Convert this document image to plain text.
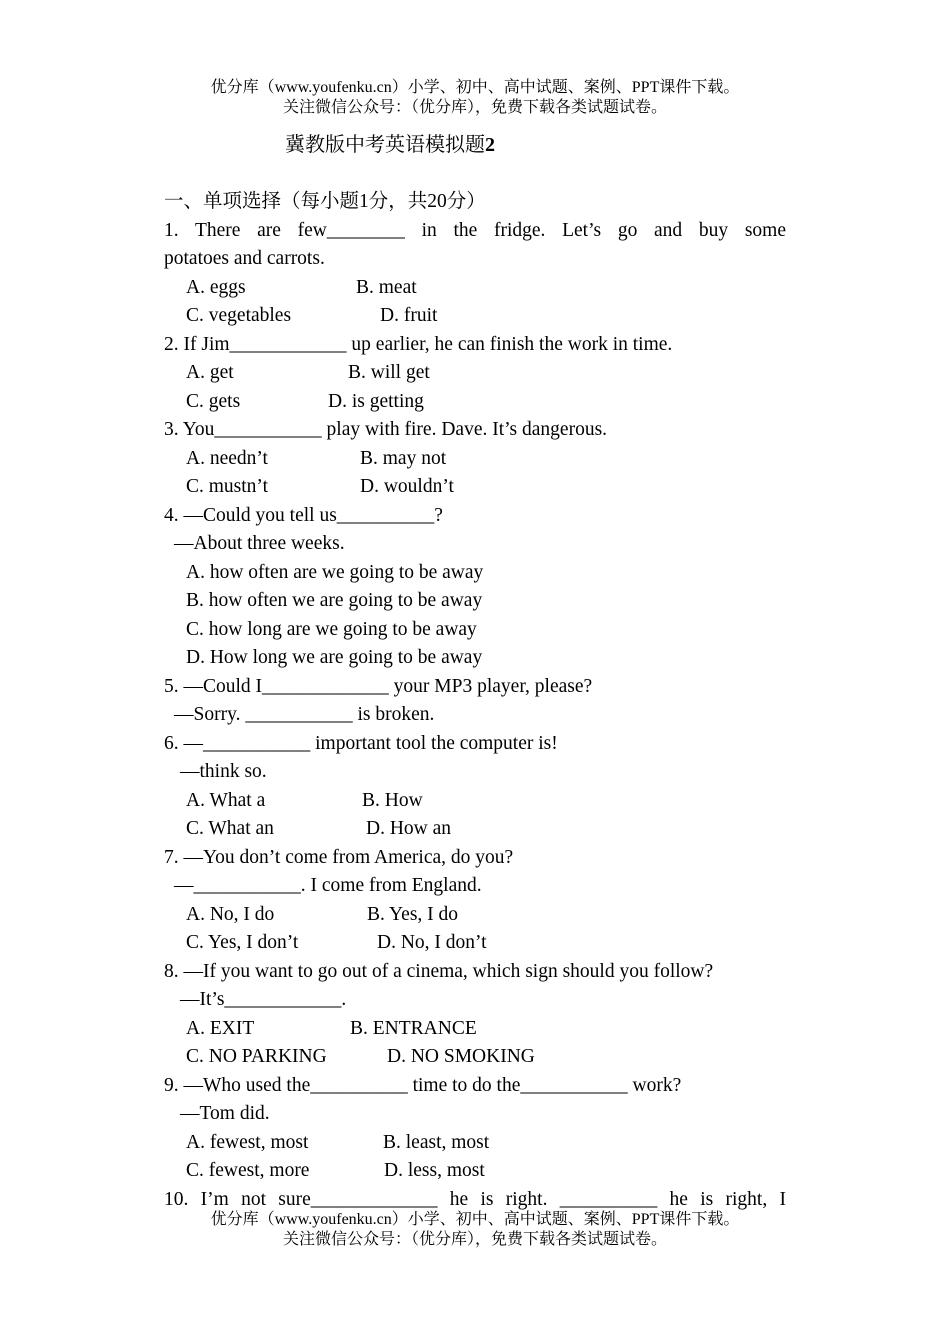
优分库（www.youfenku.cn）小学、初中、高中试题、案例、PPT课件下载。
关注微信公众号：（优分库），免费下载各类试题试卷。
冀教版中考英语模拟题2
一、单项选择（每小题1分，共20分）
1. There are few________ in the fridge. Let’s go and buy some
potatoes and carrots.
A. eggs	B. meat
C. vegetables	D. fruit
2. If Jim____________ up earlier, he can finish the work in time.
A. get	B. will get
C. gets	D. is getting
3. You___________ play with fire. Dave. It’s dangerous.
A. needn’t	B. may not
C. mustn’t	D. wouldn’t
4. —Could you tell us__________?
—About three weeks.
A. how often are we going to be away
B. how often we are going to be away
C. how long are we going to be away
D. How long we are going to be away
5. —Could I_____________ your MP3 player, please?
—Sorry. ___________ is broken.
6. —___________ important tool the computer is!
—think so.
A. What a	B. How
C. What an	D. How an
7. —You don’t come from America, do you?
—___________. I come from England.
A. No, I do	B. Yes, I do
C. Yes, I don’t	D. No, I don’t
8. —If you want to go out of a cinema, which sign should you follow?
—It’s____________.
A. EXIT	B. ENTRANCE
C. NO PARKING	D. NO SMOKING
9. —Who used the__________ time to do the___________ work?
—Tom did.
A. fewest, most	B. least, most
C. fewest, more	D. less, most
10. I’m not sure_____________ he is right. __________ he is right, I
优分库（www.youfenku.cn）小学、初中、高中试题、案例、PPT课件下载。
关注微信公众号：（优分库），免费下载各类试题试卷。
